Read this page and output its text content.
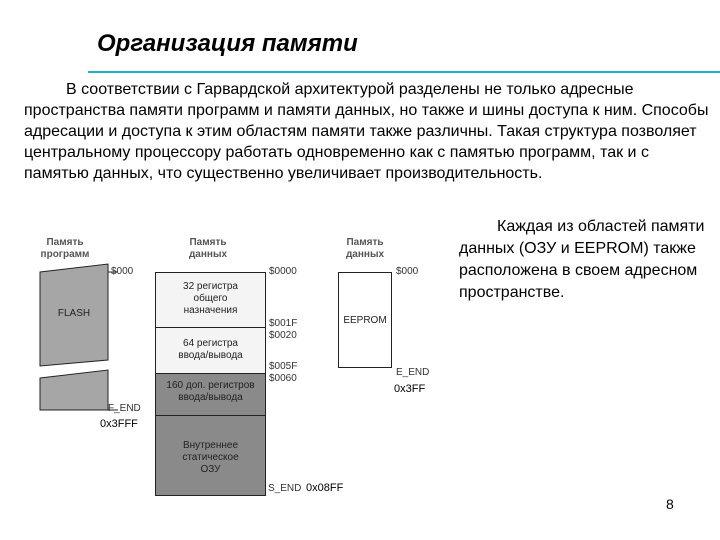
Организация памяти
В соответствии с Гарвардской архитектурой разделены не только адресные пространства памяти программ и памяти данных, но также и шины доступа к ним. Способы адресации и доступа к этим областям памяти также различны. Такая структура позволяет центральному процессору работать одновременно как с памятью программ, так и с памятью данных, что существенно увеличивает производительность.
Каждая из областей памяти данных (ОЗУ и EEPROM) также расположена в своем адресном пространстве.
Память
программ
FLASH
$000
F_END
0x3FFF
Память
данных
32 регистра
общего
назначения
64 регистра
ввода/вывода
160 доп. регистров
ввода/вывода
Внутреннее
статическое
ОЗУ
$0000
$001F
$0020
$005F
$0060
S_END 0x08FF
Память
данных
EEPROM
$000
E_END
0x3FF
8
